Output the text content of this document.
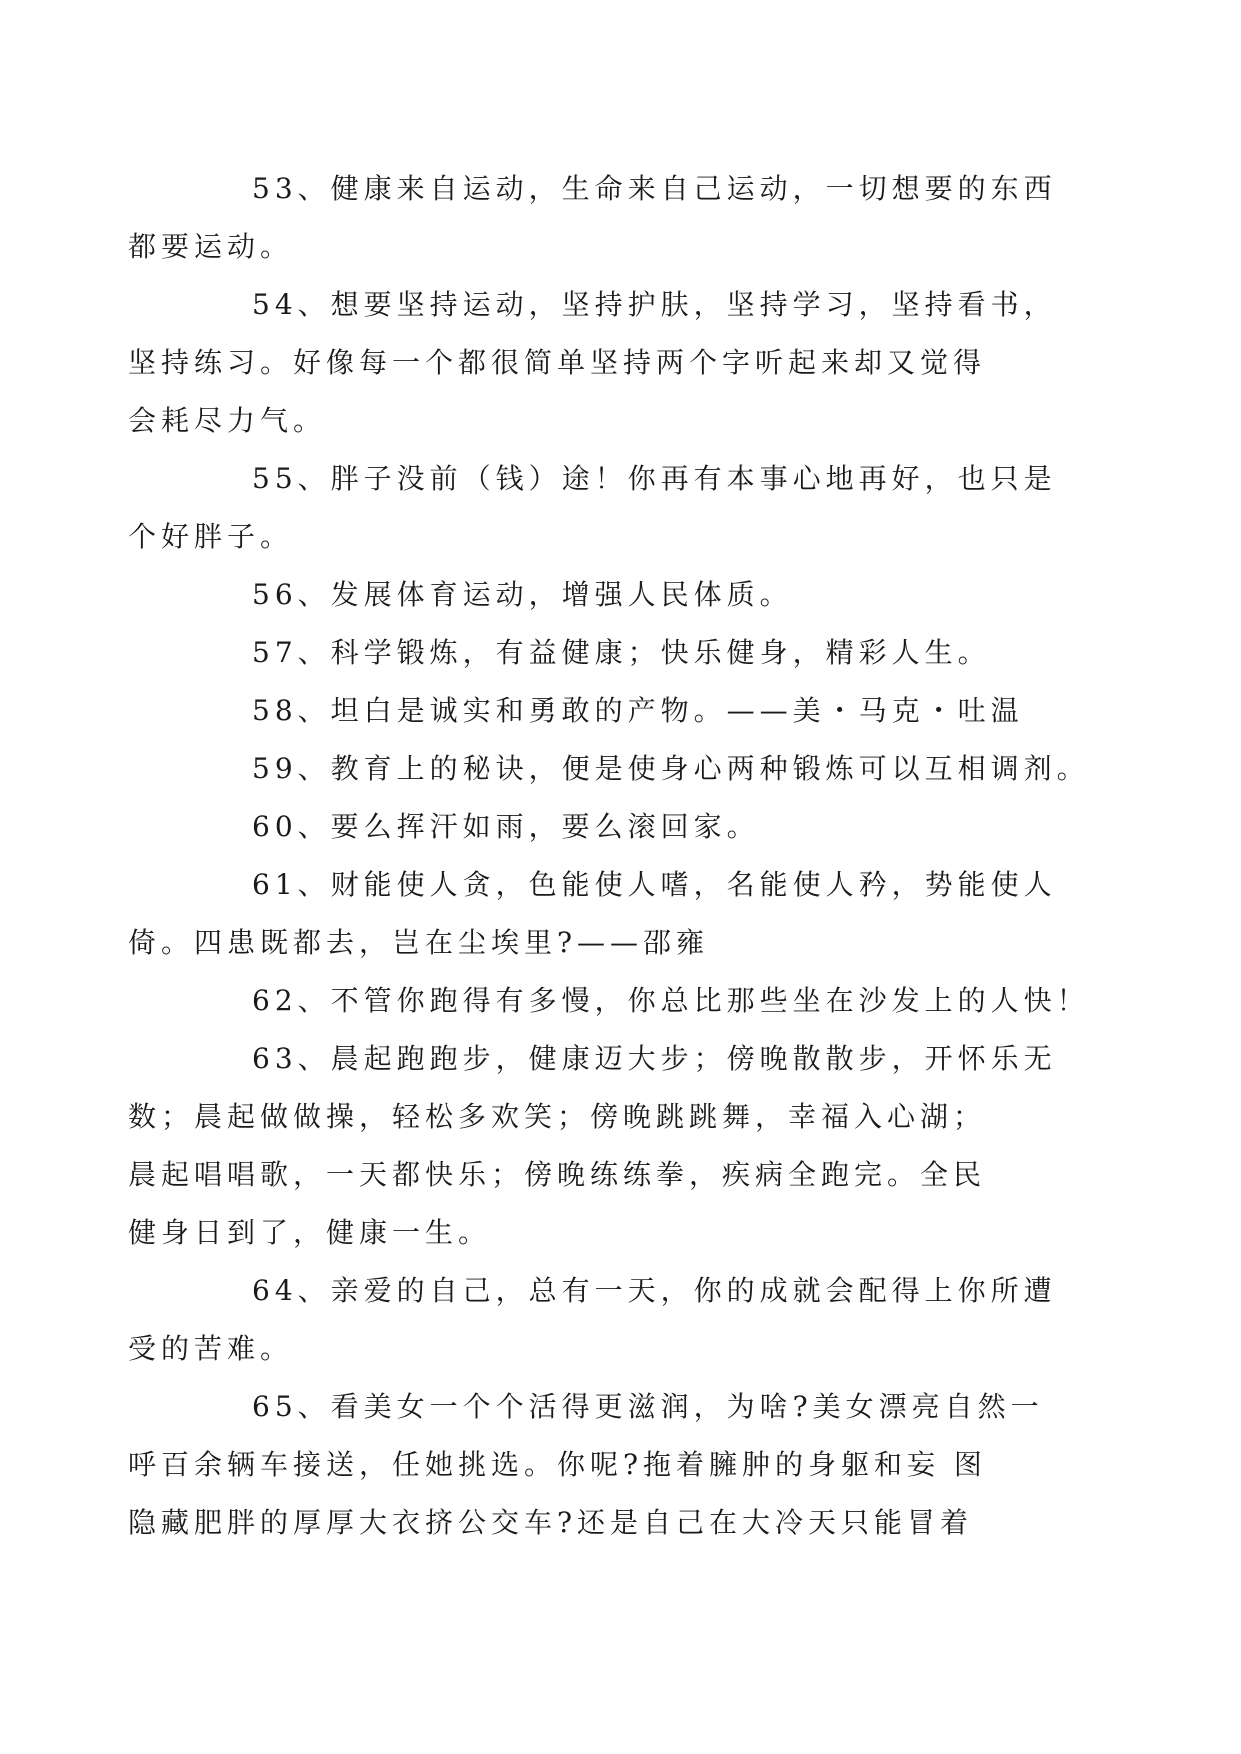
53、健康来自运动，生命来自己运动，一切想要的东西
都要运动。

54、想要坚持运动，坚持护肤，坚持学习，坚持看书，
坚持练习。好像每一个都很简单坚持两个字听起来却又觉得
会耗尽力气。

55、胖子没前（钱）途！你再有本事心地再好，也只是
个好胖子。

56、发展体育运动，增强人民体质。

57、科学锻炼，有益健康；快乐健身，精彩人生。

58、坦白是诚实和勇敢的产物。——美・马克・吐温

59、教育上的秘诀，便是使身心两种锻炼可以互相调剂。

60、要么挥汗如雨，要么滚回家。

61、财能使人贪，色能使人嗜，名能使人矜，势能使人
倚。四患既都去，岂在尘埃里?——邵雍

62、不管你跑得有多慢，你总比那些坐在沙发上的人快！

63、晨起跑跑步，健康迈大步；傍晚散散步，开怀乐无
数；晨起做做操，轻松多欢笑；傍晚跳跳舞，幸福入心湖；
晨起唱唱歌，一天都快乐；傍晚练练拳，疾病全跑完。全民
健身日到了，健康一生。

64、亲爱的自己，总有一天，你的成就会配得上你所遭
受的苦难。

65、看美女一个个活得更滋润，为啥?美女漂亮自然一
呼百余辆车接送，任她挑选。你呢?拖着臃肿的身躯和妄 图
隐藏肥胖的厚厚大衣挤公交车?还是自己在大冷天只能冒着
